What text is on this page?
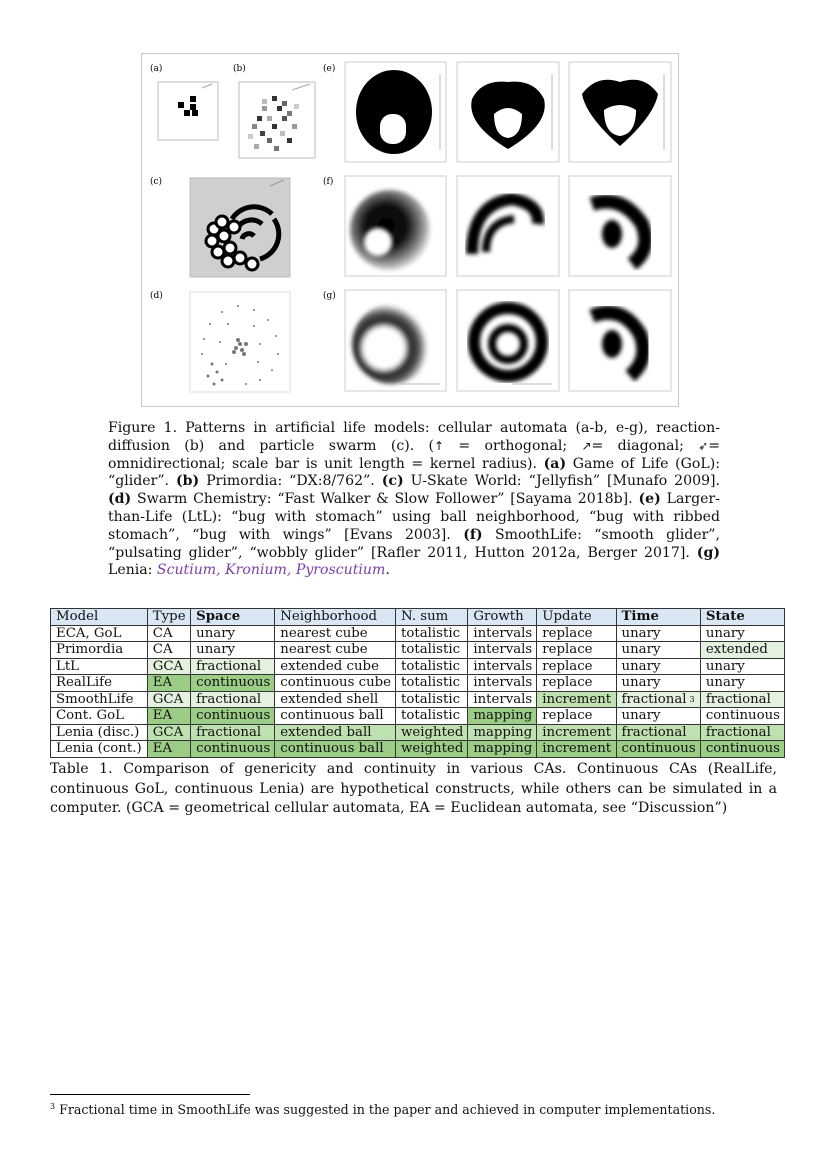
(a)	(b)
(c)
(d)
(e)
(f)
(g)
Figure 1. Patterns in artificial life models: cellular automata (a-b, e-g), reaction-diffusion (b) and particle swarm (c). (↑ = orthogonal; ↗= diagonal; ➶= omnidirectional; scale bar is unit length = kernel radius). (a) Game of Life (GoL): “glider”. (b) Primordia: “DX:8/762”. (c) U-Skate World: “Jellyfish” [Munafo 2009]. (d) Swarm Chemistry: “Fast Walker & Slow Follower” [Sayama 2018b]. (e) Larger-than-Life (LtL): “bug with stomach” using ball neighborhood, “bug with ribbed stomach”, “bug with wings” [Evans 2003]. (f) SmoothLife: “smooth glider”, “pulsating glider”, “wobbly glider” [Rafler 2011, Hutton 2012a, Berger 2017]. (g) Lenia: Scutium, Kronium, Pyroscutium.
Model	Type	Space	Neighborhood	N. sum	Growth	Update	Time	State
ECA, GoL	CA	unary	nearest cube	totalistic	intervals	replace	unary	unary
Primordia	CA	unary	nearest cube	totalistic	intervals	replace	unary	extended
LtL	GCA	fractional	extended cube	totalistic	intervals	replace	unary	unary
RealLife	EA	continuous	continuous cube	totalistic	intervals	replace	unary	unary
SmoothLife	GCA	fractional	extended shell	totalistic	intervals	increment	fractional $^3$	fractional
Cont. GoL	EA	continuous	continuous ball	totalistic	mapping	replace	unary	continuous
Lenia (disc.)	GCA	fractional	extended ball	weighted	mapping	increment	fractional	fractional
Lenia (cont.)	EA	continuous	continuous ball	weighted	mapping	increment	continuous	continuous
Table 1. Comparison of genericity and continuity in various CAs. Continuous CAs (RealLife, continuous GoL, continuous Lenia) are hypothetical constructs, while others can be simulated in a computer. (GCA = geometrical cellular automata, EA = Euclidean automata, see “Discussion”)
$^3$ Fractional time in SmoothLife was suggested in the paper and achieved in computer implementations.
